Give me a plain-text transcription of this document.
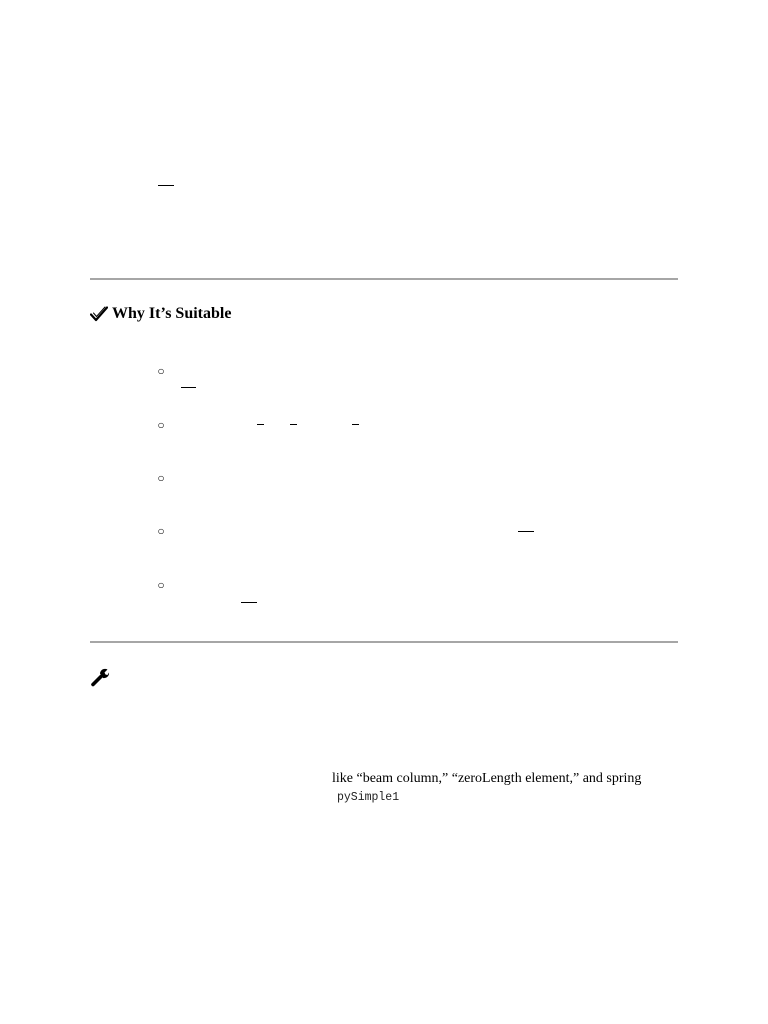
Why It’s Suitable
○
○
○
○
○
like “beam column,” “zeroLength element,” and spring
pySimple1
